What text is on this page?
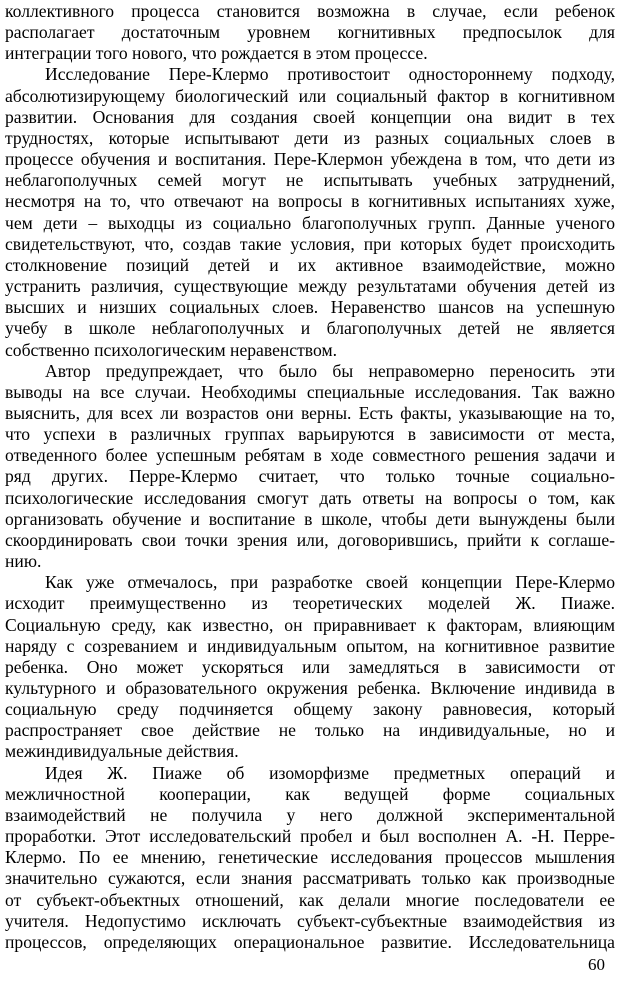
коллективного процесса становится возможна в случае, если ребенок
располагает достаточным уровнем когнитивных предпосылок для
интеграции того нового, что рождается в этом процессе.
Исследование Пере-Клермо противостоит одностороннему подходу,
абсолютизирующему биологический или социальный фактор в когнитивном
развитии. Основания для создания своей концепции она видит в тех
трудностях, которые испытывают дети из разных социальных слоев в
процессе обучения и воспитания. Пере-Клермон убеждена в том, что дети из
неблагополучных семей могут не испытывать учебных затруднений,
несмотря на то, что отвечают на вопросы в когнитивных испытаниях хуже,
чем дети – выходцы из социально благополучных групп. Данные ученого
свидетельствуют, что, создав такие условия, при которых будет происходить
столкновение позиций детей и их активное взаимодействие, можно
устранить различия, существующие между результатами обучения детей из
высших и низших социальных слоев. Неравенство шансов на успешную
учебу в школе неблагополучных и благополучных детей не является
собственно психологическим неравенством.
Автор предупреждает, что было бы неправомерно переносить эти
выводы на все случаи. Необходимы специальные исследования. Так важно
выяснить, для всех ли возрастов они верны. Есть факты, указывающие на то,
что успехи в различных группах варьируются в зависимости от места,
отведенного более успешным ребятам в ходе совместного решения задачи и
ряд других. Перре-Клермо считает, что только точные социально-
психологические исследования смогут дать ответы на вопросы о том, как
организовать обучение и воспитание в школе, чтобы дети вынуждены были
скоординировать свои точки зрения или, договорившись, прийти к соглаше-
нию.
Как уже отмечалось, при разработке своей концепции Пере-Клермо
исходит преимущественно из теоретических моделей Ж. Пиаже.
Социальную среду, как известно, он приравнивает к факторам, влияющим
наряду с созреванием и индивидуальным опытом, на когнитивное развитие
ребенка. Оно может ускоряться или замедляться в зависимости от
культурного и образовательного окружения ребенка. Включение индивида в
социальную среду подчиняется общему закону равновесия, который
распространяет свое действие не только на индивидуальные, но и
межиндивидуальные действия.
Идея Ж. Пиаже об изоморфизме предметных операций и
межличностной кооперации, как ведущей форме социальных
взаимодействий не получила у него должной экспериментальной
проработки. Этот исследовательский пробел и был восполнен А. -Н. Перре-
Клермо. По ее мнению, генетические исследования процессов мышления
значительно сужаются, если знания рассматривать только как производные
от субъект-объектных отношений, как делали многие последователи ее
учителя. Недопустимо исключать субъект-субъектные взаимодействия из
процессов, определяющих операциональное развитие. Исследовательница
60
